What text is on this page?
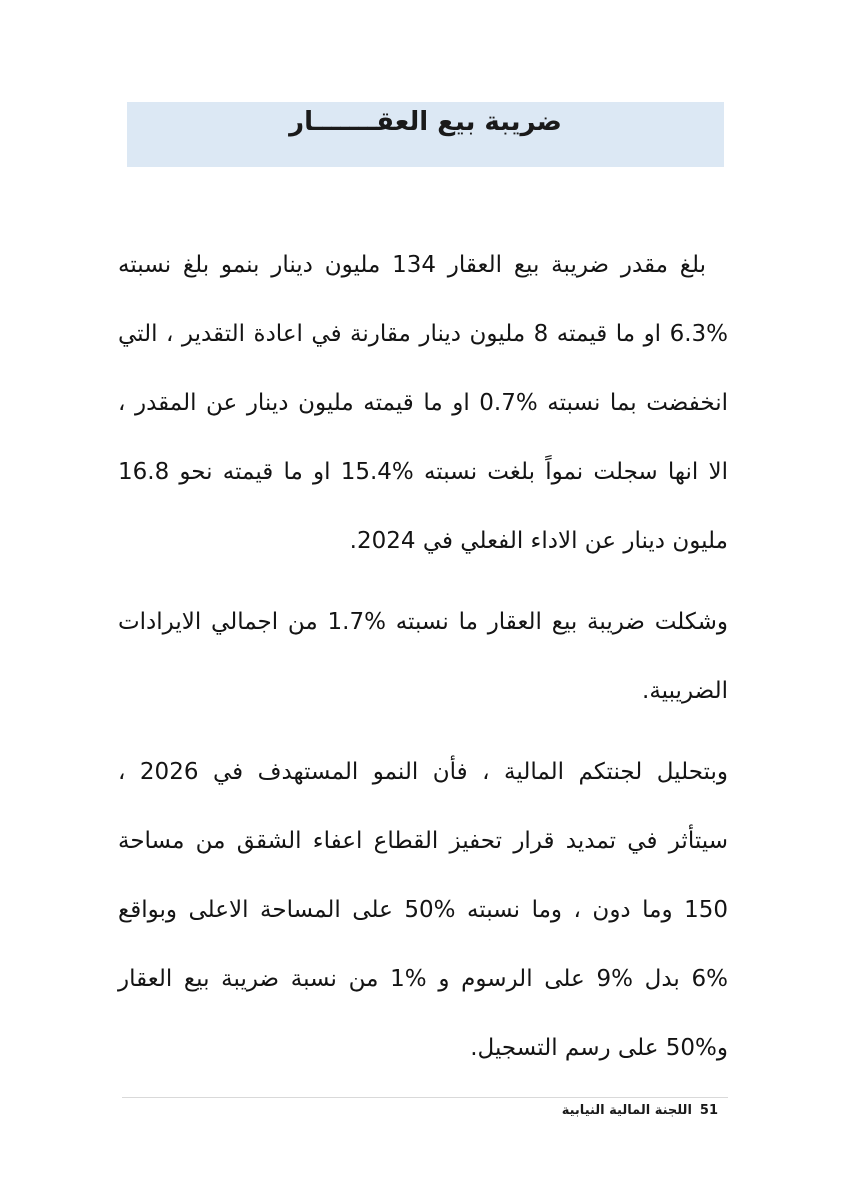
ضريبة بيع العقـــــــار

بلغ مقدر ضريبة بيع العقار 134 مليون دينار بنمو بلغ نسبته %6.3 او ما قيمته 8 مليون دينار مقارنة في اعادة التقدير ، التي انخفضت بما نسبته %0.7 او ما قيمته مليون دينار عن المقدر ، الا انها سجلت نمواً بلغت نسبته %15.4 او ما قيمته نحو 16.8 مليون دينار عن الاداء الفعلي في 2024.

وشكلت ضريبة بيع العقار ما نسبته %1.7 من اجمالي الايرادات الضريبية.

وبتحليل لجنتكم المالية ، فأن النمو المستهدف في 2026 ، سيتأثر في تمديد قرار تحفيز القطاع اعفاء الشقق من مساحة 150 وما دون ، وما نسبته %50 على المساحة الاعلى وبواقع %6 بدل %9 على الرسوم و %1 من نسبة ضريبة بيع العقار و%50 على رسم التسجيل.

51اللجنة المالية النيابية
